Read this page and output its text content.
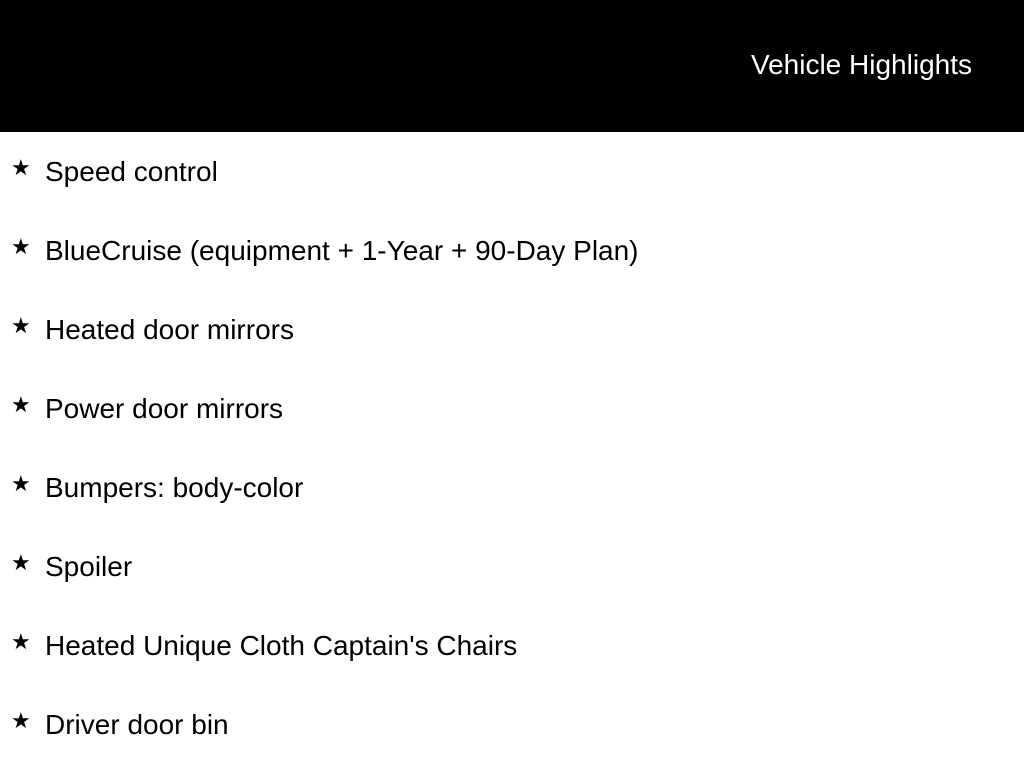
Vehicle Highlights
★ Speed control
★ BlueCruise (equipment + 1-Year + 90-Day Plan)
★ Heated door mirrors
★ Power door mirrors
★ Bumpers: body-color
★ Spoiler
★ Heated Unique Cloth Captain's Chairs
★ Driver door bin
